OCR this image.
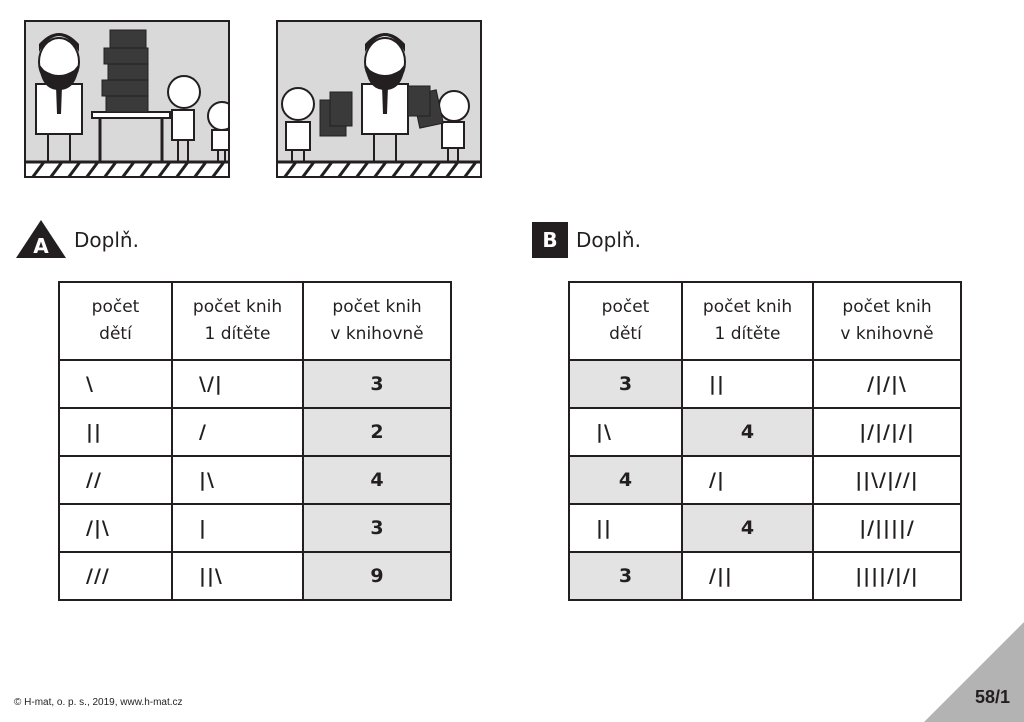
A Doplň.
počet
dětí	počet knih
1 dítěte	počet knih
v knihovně
\	\/|	3
||	/	2
//	|\	4
/|\	|	3
///	||\	9
B Doplň.
počet
dětí	počet knih
1 dítěte	počet knih
v knihovně
3	||	/|/|\
|\	4	|/|/|/|
4	/|	||\/|//|
||	4	|/||||/
3	/||	||||/|/|
© H-mat, o. p. s., 2019, www.h-mat.cz	58/1
